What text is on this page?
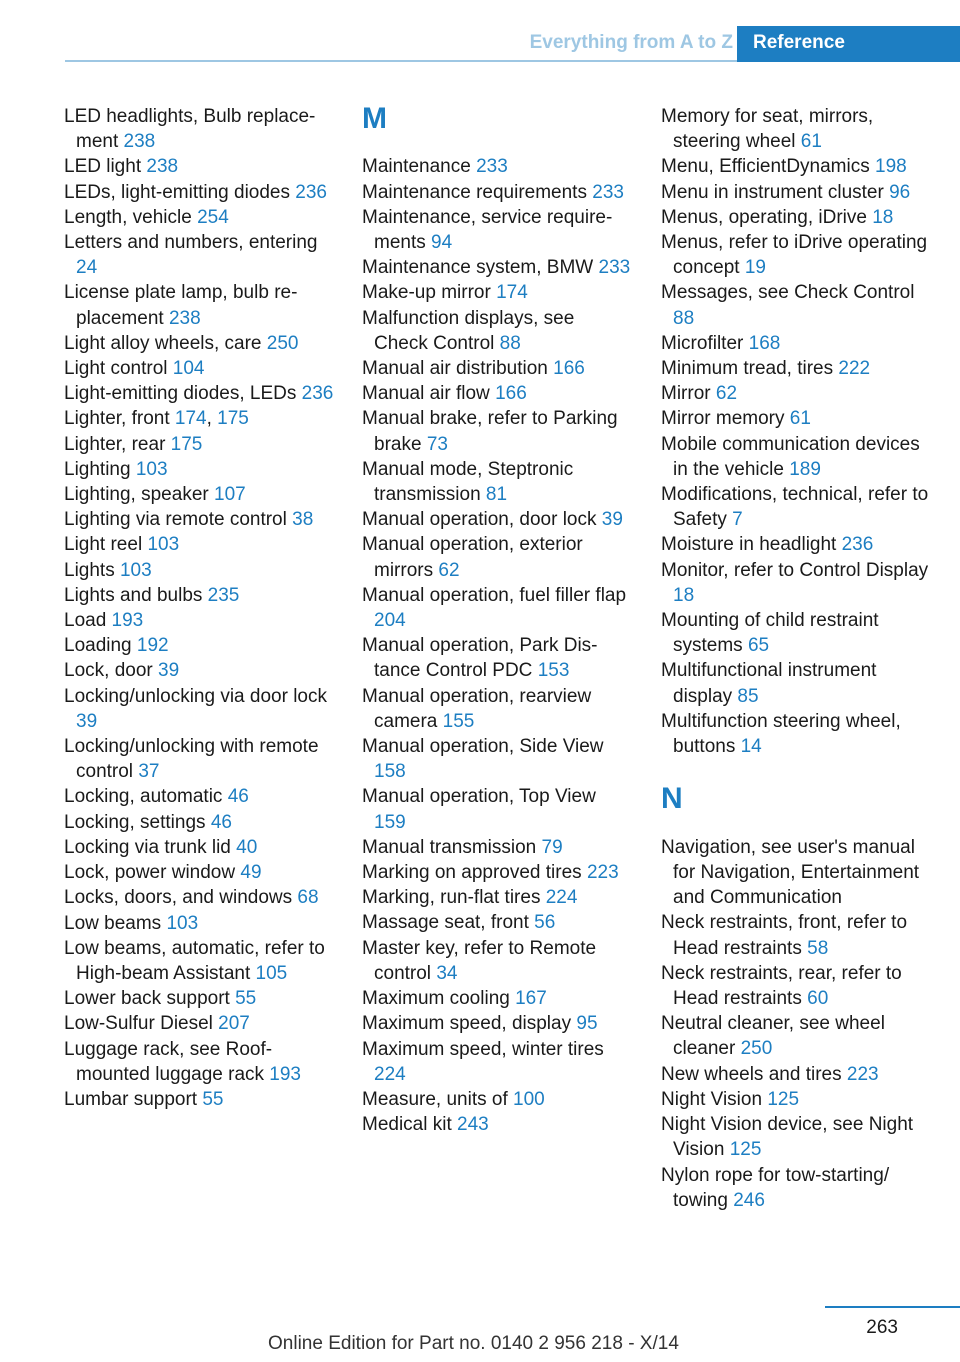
Everything from A to Z	Reference
LED headlights, Bulb replacement 238
LED light 238
LEDs, light-emitting diodes 236
Length, vehicle 254
Letters and numbers, entering 24
License plate lamp, bulb replacement 238
Light alloy wheels, care 250
Light control 104
Light-emitting diodes, LEDs 236
Lighter, front 174, 175
Lighter, rear 175
Lighting 103
Lighting, speaker 107
Lighting via remote control 38
Light reel 103
Lights 103
Lights and bulbs 235
Load 193
Loading 192
Lock, door 39
Locking/unlocking via door lock 39
Locking/unlocking with remote control 37
Locking, automatic 46
Locking, settings 46
Locking via trunk lid 40
Lock, power window 49
Locks, doors, and windows 68
Low beams 103
Low beams, automatic, refer to High-beam Assistant 105
Lower back support 55
Low-Sulfur Diesel 207
Luggage rack, see Roof-mounted luggage rack 193
Lumbar support 55
M
Maintenance 233
Maintenance requirements 233
Maintenance, service requirements 94
Maintenance system, BMW 233
Make-up mirror 174
Malfunction displays, see Check Control 88
Manual air distribution 166
Manual air flow 166
Manual brake, refer to Parking brake 73
Manual mode, Steptronic transmission 81
Manual operation, door lock 39
Manual operation, exterior mirrors 62
Manual operation, fuel filler flap 204
Manual operation, Park Distance Control PDC 153
Manual operation, rearview camera 155
Manual operation, Side View 158
Manual operation, Top View 159
Manual transmission 79
Marking on approved tires 223
Marking, run-flat tires 224
Massage seat, front 56
Master key, refer to Remote control 34
Maximum cooling 167
Maximum speed, display 95
Maximum speed, winter tires 224
Measure, units of 100
Medical kit 243
Memory for seat, mirrors, steering wheel 61
Menu, EfficientDynamics 198
Menu in instrument cluster 96
Menus, operating, iDrive 18
Menus, refer to iDrive operating concept 19
Messages, see Check Control 88
Microfilter 168
Minimum tread, tires 222
Mirror 62
Mirror memory 61
Mobile communication devices in the vehicle 189
Modifications, technical, refer to Safety 7
Moisture in headlight 236
Monitor, refer to Control Display 18
Mounting of child restraint systems 65
Multifunctional instrument display 85
Multifunction steering wheel, buttons 14
N
Navigation, see user's manual for Navigation, Entertainment and Communication
Neck restraints, front, refer to Head restraints 58
Neck restraints, rear, refer to Head restraints 60
Neutral cleaner, see wheel cleaner 250
New wheels and tires 223
Night Vision 125
Night Vision device, see Night Vision 125
Nylon rope for tow-starting/​towing 246
263
Online Edition for Part no. 0140 2 956 218 - X/14
